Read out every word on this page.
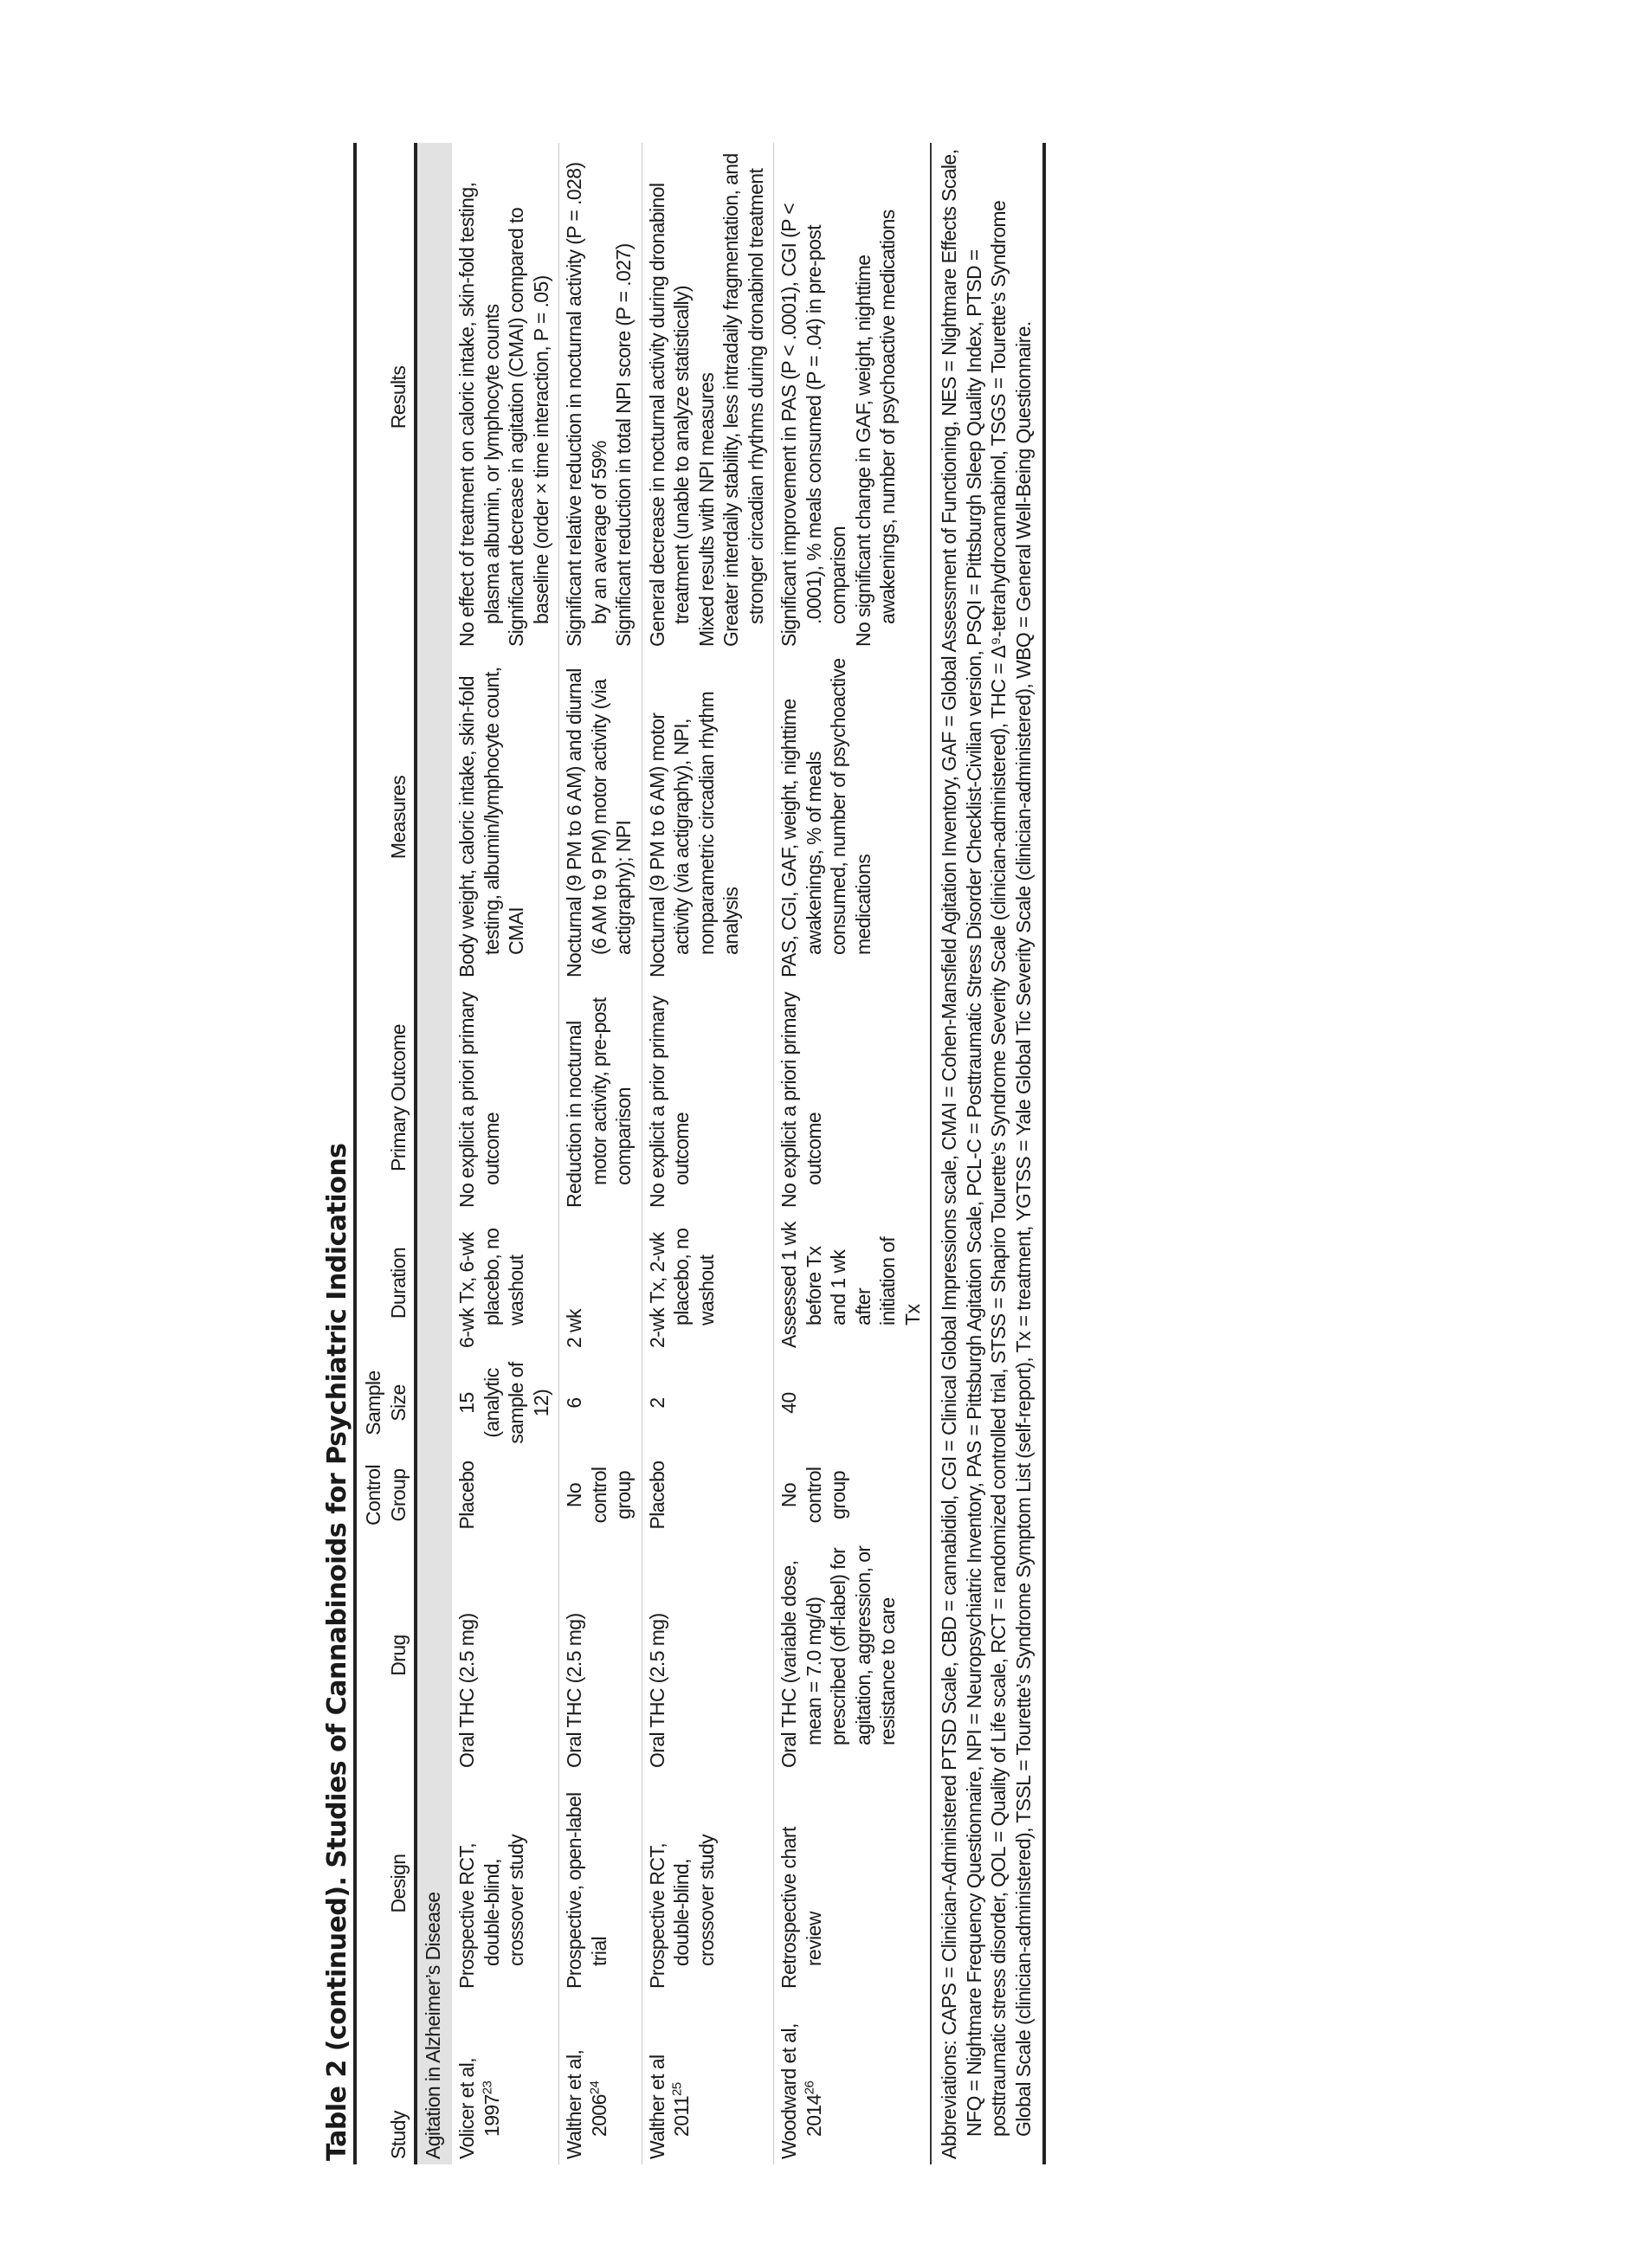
Table 2 (continued). Studies of Cannabinoids for Psychiatric Indications Study	Design	Drug	Control Group	Sample Size	Duration	Primary Outcome	Measures	Results
Agitation in Alzheimer’s Disease								

Volicer et al, 1997$^{23}$	Prospective RCT, double-blind, crossover study	Oral THC (2.5 mg)	Placebo	15 (analytic sample of 12)	6-wk Tx, 6-wk placebo, no washout	No explicit a priori primary outcome	Body weight, caloric intake, skin-fold testing, albumin/lymphocyte count, CMAI	No effect of treatment on caloric intake, skin-fold testing, plasma albumin, or lymphocyte counts Significant decrease in agitation (CMAI) compared to baseline (order × time interaction, P = .05)

Walther et al, 2006$^{24}$	Prospective, open-label trial	Oral THC (2.5 mg)	No control group	6	2 wk	Reduction in nocturnal motor activity, pre-post comparison	Nocturnal (9 PM to 6 AM) and diurnal (6 AM to 9 PM) motor activity (via actigraphy); NPI	Significant relative reduction in nocturnal activity (P = .028) by an average of 59% Significant reduction in total NPI score (P = .027)

Walther et al 2011$^{25}$	Prospective RCT, double-blind, crossover study	Oral THC (2.5 mg)	Placebo	2	2-wk Tx, 2-wk placebo, no washout	No explicit a prior primary outcome	Nocturnal (9 PM to 6 AM) motor activity (via actigraphy), NPI, nonparametric circadian rhythm analysis	General decrease in nocturnal activity during dronabinol treatment (unable to analyze statistically) Mixed results with NPI measures Greater interdaily stability, less intradaily fragmentation, and stronger circadian rhythms during dronabinol treatment

Woodward et al, 2014$^{26}$	Retrospective chart review	Oral THC (variable dose, mean = 7.0 mg/d) prescribed (off-label) for agitation, aggression, or resistance to care	No control group	40	Assessed 1 wk before Tx and 1 wk after initiation of Tx	No explicit a priori primary outcome	PAS, CGI, GAF, weight, nighttime awakenings, % of meals consumed, number of psychoactive medications	Significant improvement in PAS (P < .0001), CGI (P < .0001), % meals consumed (P = .04) in pre-post comparison No significant change in GAF, weight, nighttime awakenings, number of psychoactive medications

Abbreviations: CAPS = Clinician-Administered PTSD Scale, CBD = cannabidiol, CGI = Clinical Global Impressions scale, CMAI = Cohen-Mansfield Agitation Inventory, GAF = Global Assessment of Functioning, NES = Nightmare Effects Scale, NFQ = Nightmare Frequency Questionnaire, NPI = Neuropsychiatric Inventory, PAS = Pittsburgh Agitation Scale, PCL-C = Posttraumatic Stress Disorder Checklist-Civilian version, PSQI = Pittsburgh Sleep Quality Index, PTSD = posttraumatic stress disorder, QOL = Quality of Life scale, RCT = randomized controlled trial, STSS = Shapiro Tourette’s Syndrome Severity Scale (clinician-administered), THC = Δ⁹-tetrahydrocannabinol, TSGS = Tourette’s Syndrome Global Scale (clinician-administered), TSSL = Tourette’s Syndrome Symptom List (self-report), Tx = treatment, YGTSS = Yale Global Tic Severity Scale (clinician-administered), WBQ = General Well-Being Questionnaire.								
